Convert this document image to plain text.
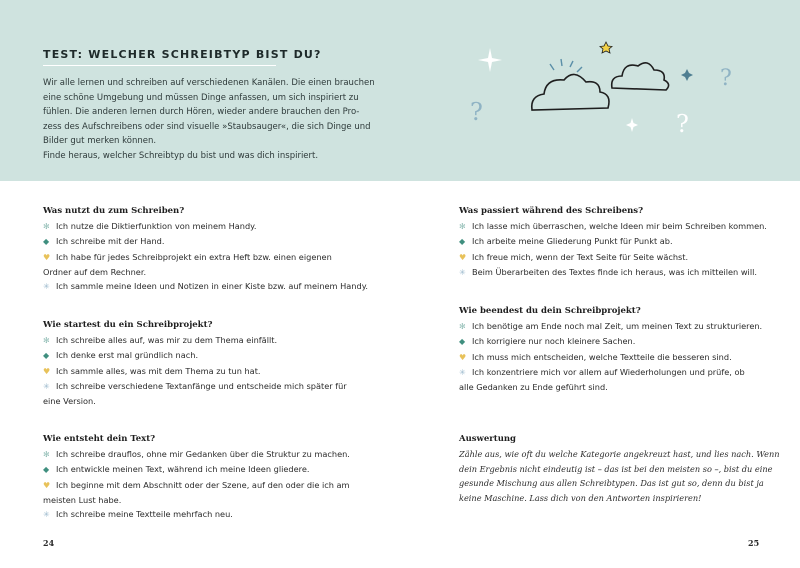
TEST: WELCHER SCHREIBTYP BIST DU?
Wir alle lernen und schreiben auf verschiedenen Kanälen. Die einen brauchen
eine schöne Umgebung und müssen Dinge anfassen, um sich inspiriert zu
fühlen. Die anderen lernen durch Hören, wieder andere brauchen den Pro-
zess des Aufschreibens oder sind visuelle »Staubsauger«, die sich Dinge und
Bilder gut merken können.
Finde heraus, welcher Schreibtyp du bist und was dich inspiriert.
?
?
?
Was nutzt du zum Schreiben?
✻ Ich nutze die Diktierfunktion von meinem Handy.
◆ Ich schreibe mit der Hand.
♥ Ich habe für jedes Schreibprojekt ein extra Heft bzw. einen eigenen
Ordner auf dem Rechner.
✳ Ich sammle meine Ideen und Notizen in einer Kiste bzw. auf meinem Handy.
Wie startest du ein Schreibprojekt?
✻ Ich schreibe alles auf, was mir zu dem Thema einfällt.
◆ Ich denke erst mal gründlich nach.
♥ Ich sammle alles, was mit dem Thema zu tun hat.
✳ Ich schreibe verschiedene Textanfänge und entscheide mich später für
eine Version.
Wie entsteht dein Text?
✻ Ich schreibe drauflos, ohne mir Gedanken über die Struktur zu machen.
◆ Ich entwickle meinen Text, während ich meine Ideen gliedere.
♥ Ich beginne mit dem Abschnitt oder der Szene, auf den oder die ich am
meisten Lust habe.
✳ Ich schreibe meine Textteile mehrfach neu.
Was passiert während des Schreibens?
✻ Ich lasse mich überraschen, welche Ideen mir beim Schreiben kommen.
◆ Ich arbeite meine Gliederung Punkt für Punkt ab.
♥ Ich freue mich, wenn der Text Seite für Seite wächst.
✳ Beim Überarbeiten des Textes finde ich heraus, was ich mitteilen will.
Wie beendest du dein Schreibprojekt?
✻ Ich benötige am Ende noch mal Zeit, um meinen Text zu strukturieren.
◆ Ich korrigiere nur noch kleinere Sachen.
♥ Ich muss mich entscheiden, welche Textteile die besseren sind.
✳ Ich konzentriere mich vor allem auf Wiederholungen und prüfe, ob
alle Gedanken zu Ende geführt sind.
Auswertung
Zähle aus, wie oft du welche Kategorie angekreuzt hast, und lies nach. Wenn
dein Ergebnis nicht eindeutig ist – das ist bei den meisten so –, bist du eine
gesunde Mischung aus allen Schreibtypen. Das ist gut so, denn du bist ja
keine Maschine. Lass dich von den Antworten inspirieren!
24	25
